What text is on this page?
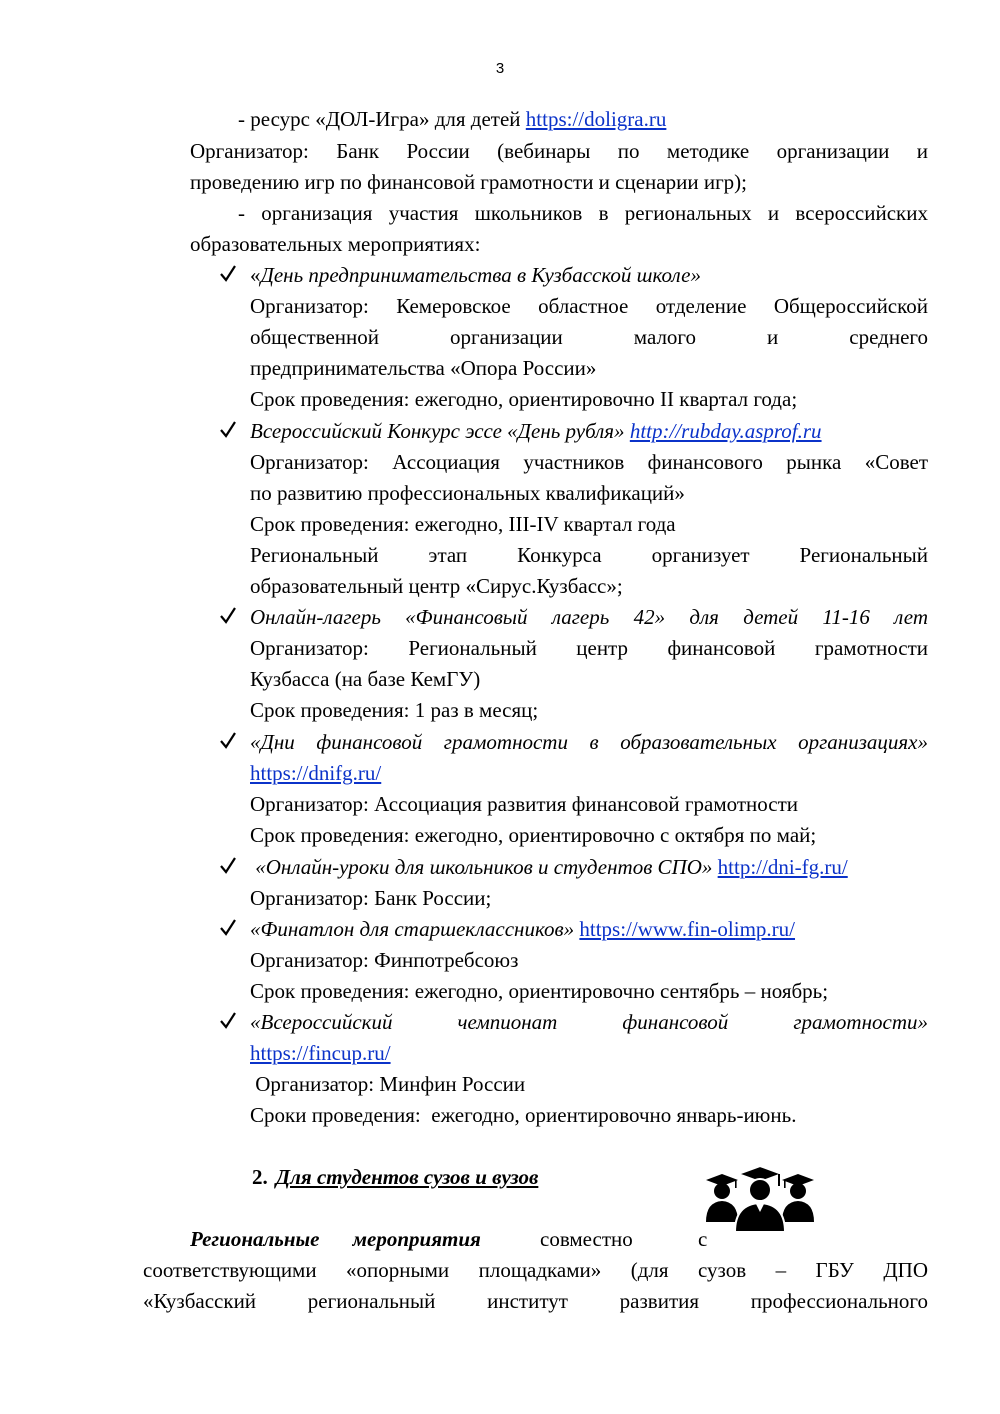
3
- ресурс «ДОЛ-Игра» для детей https://doligra.ru
Организатор: Банк России (вебинары по методике организации и
проведению игр по финансовой грамотности и сценарии игр);
- организация участия школьников в региональных и всероссийских
образовательных мероприятиях:
«День предпринимательства в Кузбасской школе»
Организатор: Кемеровское областное отделение Общероссийской
общественной организации малого и среднего
предпринимательства «Опора России»
Срок проведения: ежегодно, ориентировочно II квартал года;
Всероссийский Конкурс эссе «День рубля» http://rubday.asprof.ru
Организатор: Ассоциация участников финансового рынка «Совет
по развитию профессиональных квалификаций»
Срок проведения: ежегодно, III-IV квартал года
Региональный этап Конкурса организует Региональный
образовательный центр «Сирус.Кузбасс»;
Онлайн-лагерь «Финансовый лагерь 42» для детей 11-16 лет
Организатор: Региональный центр финансовой грамотности
Кузбасса (на базе КемГУ)
Срок проведения: 1 раз в месяц;
«Дни финансовой грамотности в образовательных организациях»
https://dnifg.ru/
Организатор: Ассоциация развития финансовой грамотности
Срок проведения: ежегодно, ориентировочно с октября по май;
«Онлайн-уроки для школьников и студентов СПО» http://dni-fg.ru/
Организатор: Банк России;
«Финатлон для старшеклассников» https://www.fin-olimp.ru/
Организатор: Финпотребсоюз
Срок проведения: ежегодно, ориентировочно сентябрь – ноябрь;
«Всероссийский чемпионат финансовой грамотности»
https://fincup.ru/
Организатор: Минфин России
Сроки проведения:  ежегодно, ориентировочно январь-июнь.
2. Для студентов сузов и вузов
Региональные мероприятия	совместно с
соответствующими «опорными площадками» (для сузов – ГБУ ДПО
«Кузбасский региональный институт развития профессионального
